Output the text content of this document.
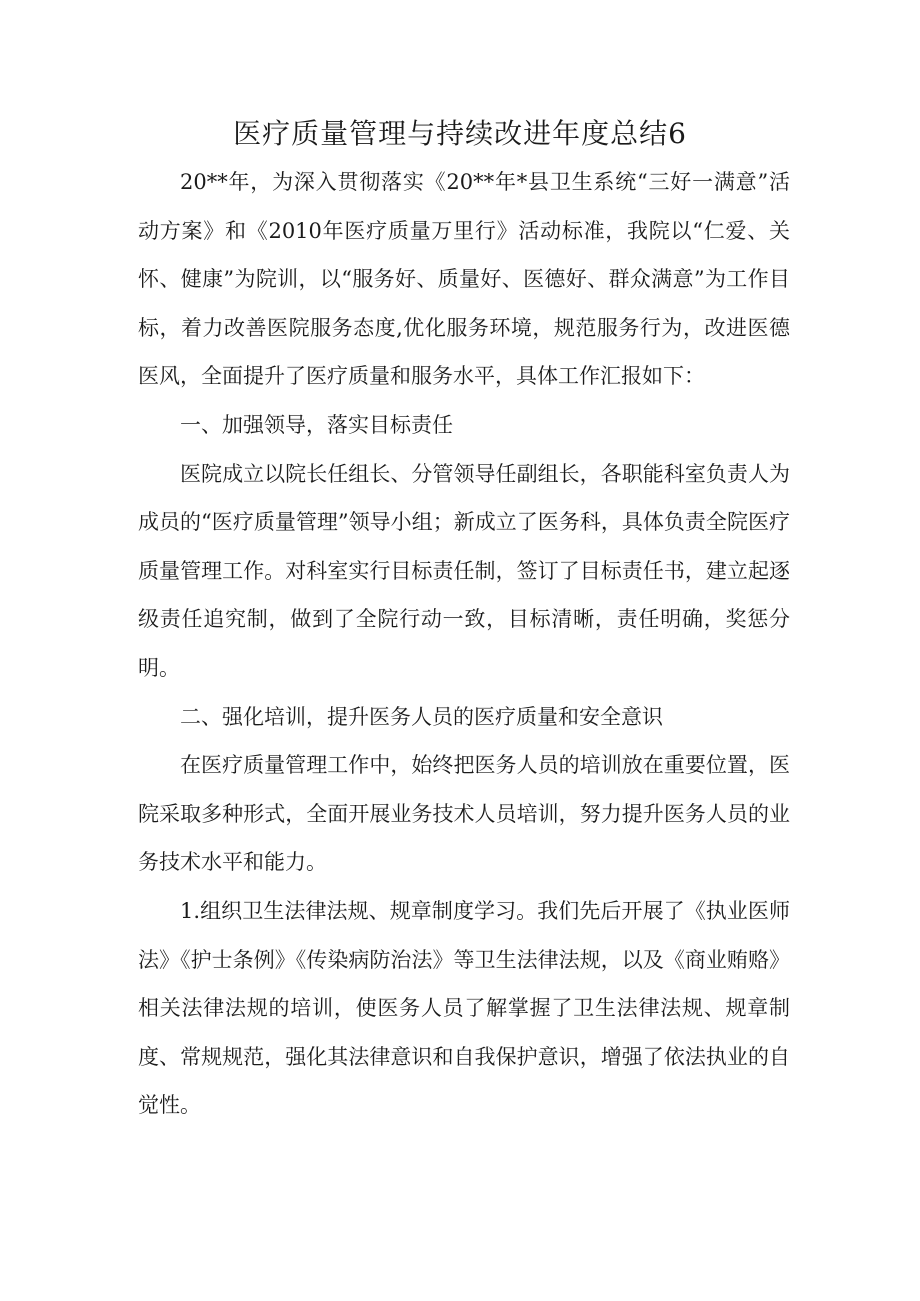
医疗质量管理与持续改进年度总结6

20**年，为深入贯彻落实《20**年*县卫生系统“三好一满意”活动方案》和《2010年医疗质量万里行》活动标准，我院以“仁爱、关怀、健康”为院训，以“服务好、质量好、医德好、群众满意”为工作目标，着力改善医院服务态度,优化服务环境，规范服务行为，改进医德医风，全面提升了医疗质量和服务水平，具体工作汇报如下：

一、加强领导，落实目标责任

医院成立以院长任组长、分管领导任副组长，各职能科室负责人为成员的“医疗质量管理”领导小组；新成立了医务科，具体负责全院医疗质量管理工作。对科室实行目标责任制，签订了目标责任书，建立起逐级责任追究制，做到了全院行动一致，目标清晰，责任明确，奖惩分明。

二、强化培训，提升医务人员的医疗质量和安全意识

在医疗质量管理工作中，始终把医务人员的培训放在重要位置，医院采取多种形式，全面开展业务技术人员培训，努力提升医务人员的业务技术水平和能力。

1.组织卫生法律法规、规章制度学习。我们先后开展了《执业医师法》《护士条例》《传染病防治法》等卫生法律法规，以及《商业贿赂》相关法律法规的培训，使医务人员了解掌握了卫生法律法规、规章制度、常规规范，强化其法律意识和自我保护意识，增强了依法执业的自觉性。
